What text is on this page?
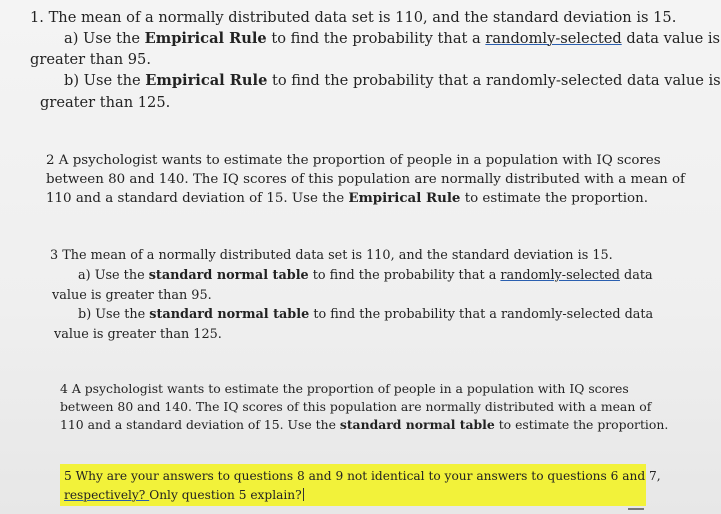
1. The mean of a normally distributed data set is 110, and the standard deviation is 15.
a) Use the Empirical Rule to find the probability that a randomly-selected data value is
greater than 95.
b) Use the Empirical Rule to find the probability that a randomly-selected data value is
greater than 125.
2 A psychologist wants to estimate the proportion of people in a population with IQ scores
between 80 and 140. The IQ scores of this population are normally distributed with a mean of
110 and a standard deviation of 15. Use the Empirical Rule to estimate the proportion.
3 The mean of a normally distributed data set is 110, and the standard deviation is 15.
a) Use the standard normal table to find the probability that a randomly-selected data
value is greater than 95.
b) Use the standard normal table to find the probability that a randomly-selected data
value is greater than 125.
4 A psychologist wants to estimate the proportion of people in a population with IQ scores
between 80 and 140. The IQ scores of this population are normally distributed with a mean of
110 and a standard deviation of 15. Use the standard normal table to estimate the proportion.
5 Why are your answers to questions 8 and 9 not identical to your answers to questions 6 and 7,
respectively? Only question 5 explain?
